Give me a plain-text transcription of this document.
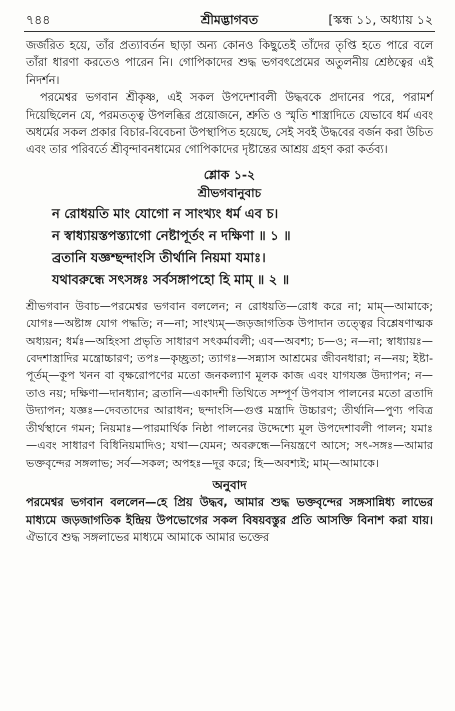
৭৪৪	শ্রীমদ্ভাগবত	[স্কন্ধ ১১, অধ্যায় ১২

জর্জরিত হয়ে, তাঁর প্রত্যাবর্তন ছাড়া অন্য কোনও কিছুতেই তাঁদের তৃপ্তি হতে পারে বলে তাঁরা ধারণা করতেও পারেন নি। গোপিকাদের শুদ্ধ ভগবৎপ্রেমের অতুলনীয় শ্রেষ্ঠত্বের এই নিদর্শন।

পরমেশ্বর ভগবান শ্রীকৃষ্ণ, এই সকল উপদেশাবলী উদ্ধবকে প্রদানের পরে, পরামর্শ দিয়েছিলেন যে, পরমতত্ত্ব উপলব্ধির প্রয়োজনে, শ্রুতি ও স্মৃতি শাস্ত্রাদিতে যেভাবে ধর্ম এবং অধর্মের সকল প্রকার বিচার-বিবেচনা উপস্থাপিত হয়েছে, সেই সবই উদ্ধবের বর্জন করা উচিত এবং তার পরিবর্তে শ্রীবৃন্দাবনধামের গোপিকাদের দৃষ্টান্তের আশ্রয় গ্রহণ করা কর্তব্য।

শ্লোক ১-২
শ্রীভগবানুবাচ
ন রোধয়তি মাং যোগো ন সাংখ্যং ধর্ম এব চ।
ন স্বাধ্যায়স্তপস্ত্যাগো নেষ্টাপূর্তং ন দক্ষিণা ॥ ১ ॥
ব্রতানি যজ্ঞশ্ছন্দাংসি তীর্থানি নিয়মা যমাঃ।
যথাবরুন্ধে সৎসঙ্গঃ সর্বসঙ্গাপহো হি মাম্ ॥ ২ ॥

শ্রীভগবান উবাচ—পরমেশ্বর ভগবান বললেন; ন রোধয়তি—রোধ করে না; মাম্—আমাকে; যোগঃ—অষ্টাঙ্গ যোগ পদ্ধতি; ন—না; সাংখ্যম্—জড়জাগতিক উপাদান তত্ত্বের বিশ্লেষণাত্মক অধ্যয়ন; ধর্মঃ—অহিংসা প্রভৃতি সাধারণ সৎকর্মাবলী; এব—অবশ্য; চ—ও; ন—না; স্বাধ্যায়ঃ—বেদশাস্ত্রাদির মন্ত্রোচ্চারণ; তপঃ—কৃচ্ছ্রতা; ত্যাগঃ—সন্ন্যাস আশ্রমের জীবনধারা; ন—নয়; ইষ্টা-পূর্তম্—কূপ খনন বা বৃক্ষরোপণের মতো জনকল্যাণ মূলক কাজ এবং যাগযজ্ঞ উদ্যাপন; ন—তাও নয়; দক্ষিণা—দানধ্যান; ব্রতানি—একাদশী তিথিতে সম্পূর্ণ উপবাস পালনের মতো ব্রতাদি উদ্যাপন; যজ্ঞঃ—দেবতাদের আরাধন; ছন্দাংসি—গুপ্ত মন্ত্রাদি উচ্চারণ; তীর্থানি—পুণ্য পবিত্র তীর্থস্থানে গমন; নিয়মাঃ—পারমার্থিক নিষ্ঠা পালনের উদ্দেশ্যে মূল উপদেশাবলী পালন; যমাঃ—এবং সাধারণ বিধিনিয়মাদিও; যথা—যেমন; অবরুন্ধে—নিয়ন্ত্রণে আসে; সৎ-সঙ্গঃ—আমার ভক্তবৃন্দের সঙ্গলাভ; সর্ব—সকল; অপহঃ—দূর করে; হি—অবশ্যই; মাম্—আমাকে।

অনুবাদ

পরমেশ্বর ভগবান বললেন—হে প্রিয় উদ্ধব, আমার শুদ্ধ ভক্তবৃন্দের সঙ্গসান্নিধ্য লাভের মাধ্যমে জড়জাগতিক ইন্দ্রিয় উপভোগের সকল বিষয়বস্তুর প্রতি আসক্তি বিনাশ করা যায়। ঐভাবে শুদ্ধ সঙ্গলাভের মাধ্যমে আমাকে আমার ভক্তের
